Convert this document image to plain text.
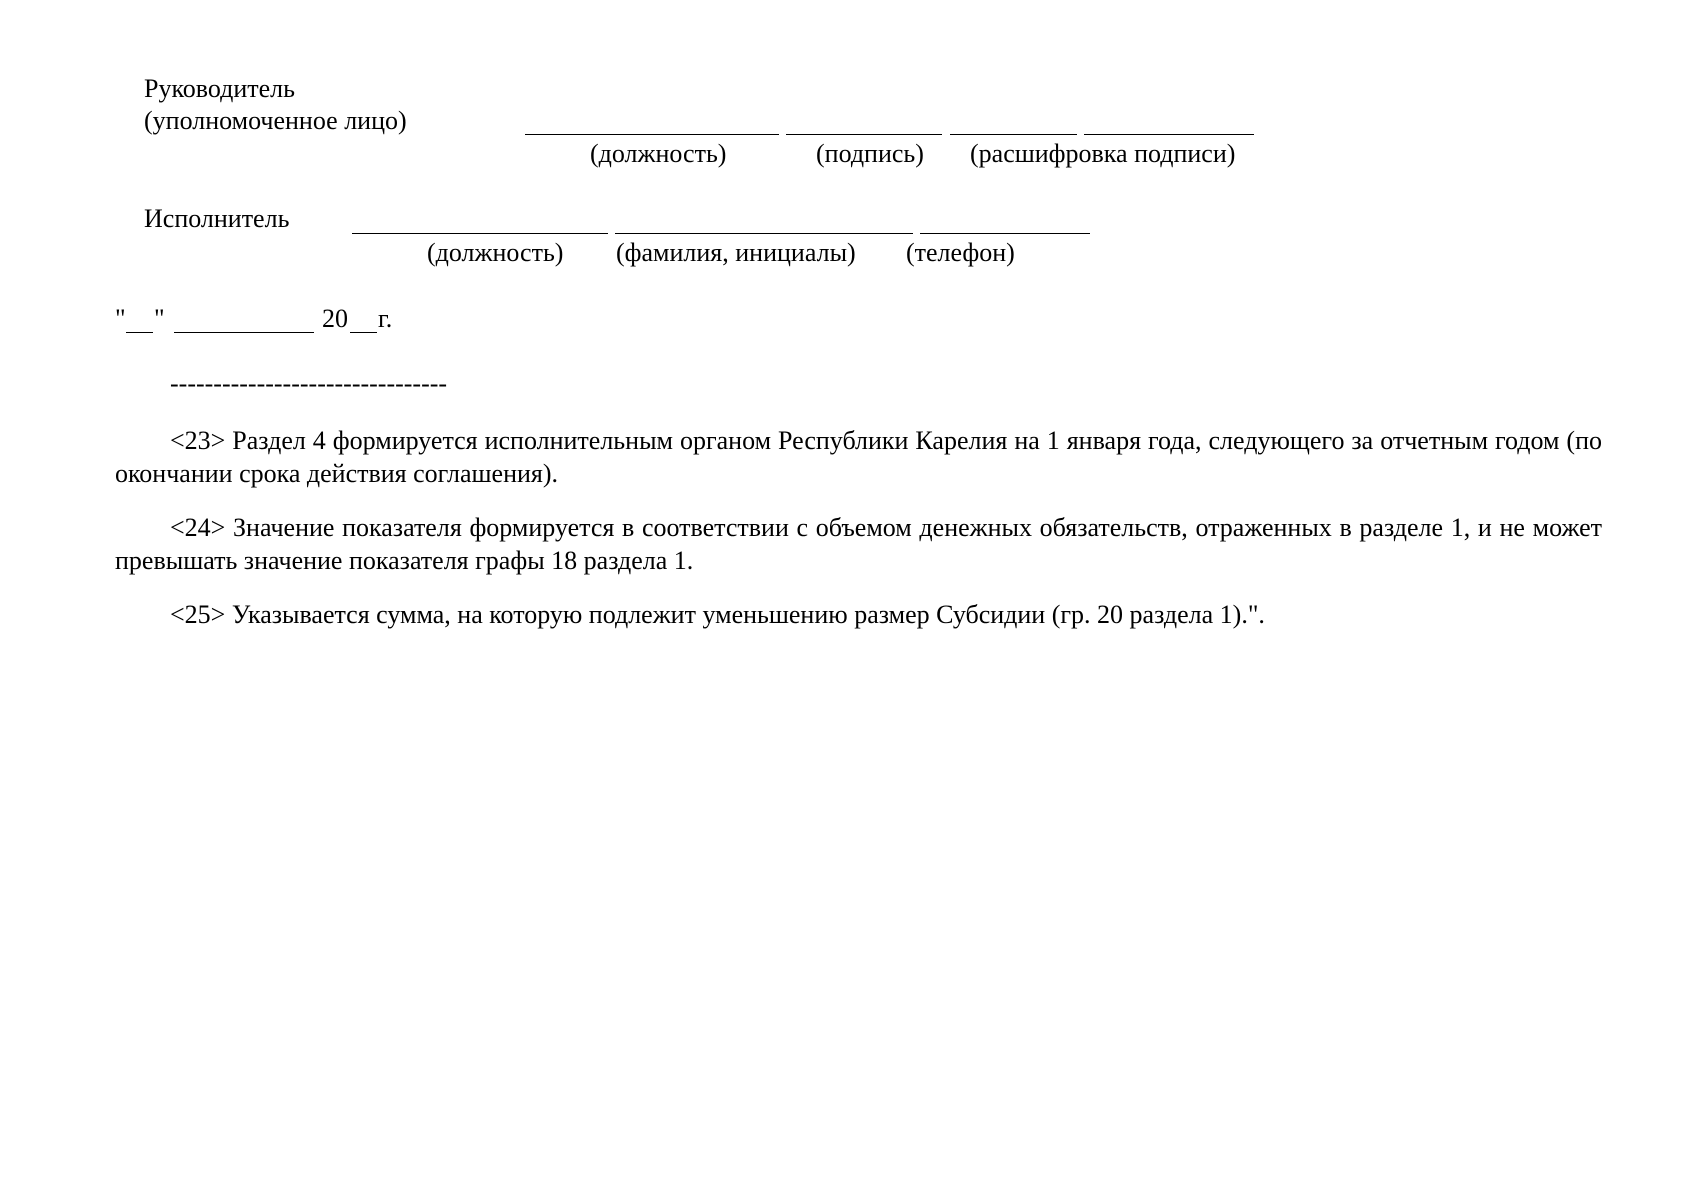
Руководитель
(уполномоченное лицо)
(должность)	(подпись) (расшифровка подписи)
Исполнитель
(должность) (фамилия, инициалы) (телефон)
" "	20 г.
--------------------------------

<23> Раздел 4 формируется исполнительным органом Республики Карелия на 1 января года, следующего за отчетным годом (по окончании срока действия соглашения).

<24> Значение показателя формируется в соответствии с объемом денежных обязательств, отраженных в разделе 1, и не может превышать значение показателя графы 18 раздела 1.

<25> Указывается сумма, на которую подлежит уменьшению размер Субсидии (гр. 20 раздела 1).".
